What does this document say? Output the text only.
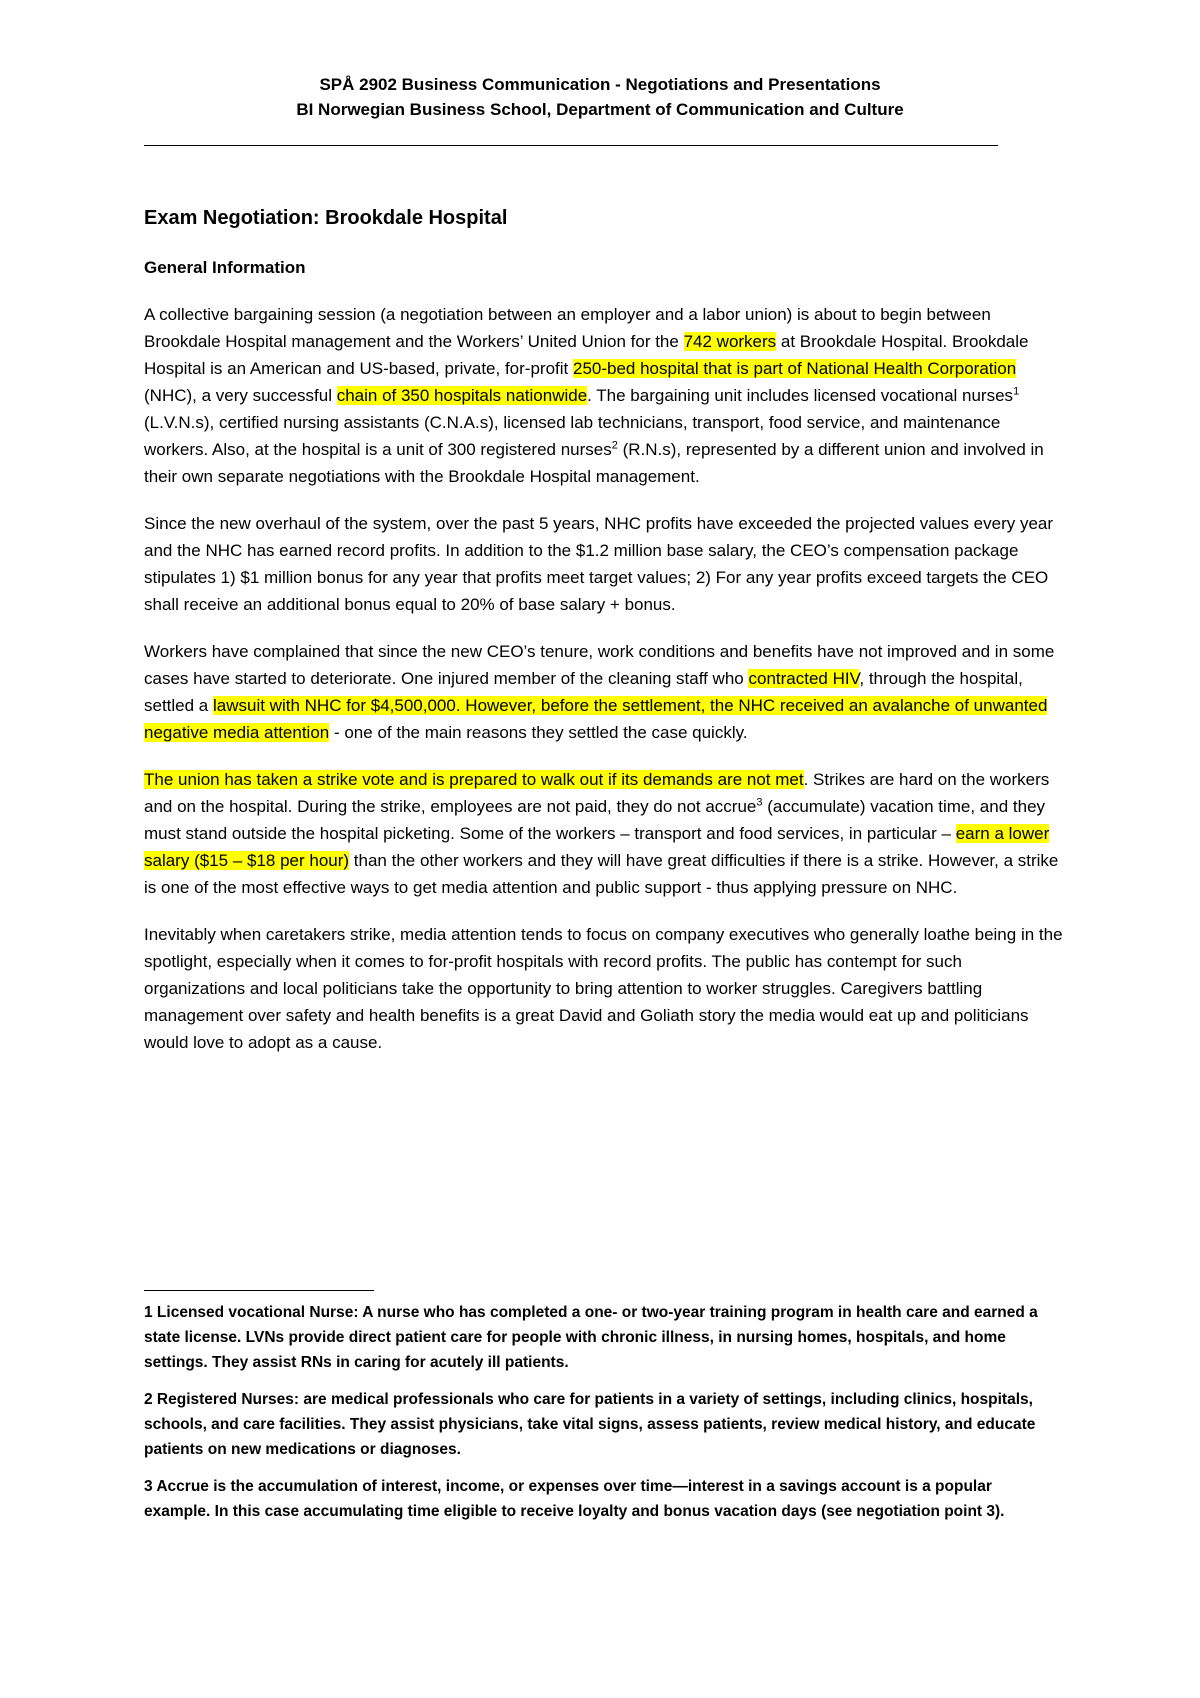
SPÅ 2902 Business Communication - Negotiations and Presentations
BI Norwegian Business School, Department of Communication and Culture
Exam Negotiation: Brookdale Hospital
General Information

A collective bargaining session (a negotiation between an employer and a labor union) is about to begin between Brookdale Hospital management and the Workers’ United Union for the 742 workers at Brookdale Hospital. Brookdale Hospital is an American and US-based, private, for-profit 250-bed hospital that is part of National Health Corporation (NHC), a very successful chain of 350 hospitals nationwide. The bargaining unit includes licensed vocational nurses$^1$ (L.V.N.s), certified nursing assistants (C.N.A.s), licensed lab technicians, transport, food service, and maintenance workers. Also, at the hospital is a unit of 300 registered nurses$^2$ (R.N.s), represented by a different union and involved in their own separate negotiations with the Brookdale Hospital management.

Since the new overhaul of the system, over the past 5 years, NHC profits have exceeded the projected values every year and the NHC has earned record profits. In addition to the $1.2 million base salary, the CEO’s compensation package stipulates 1) $1 million bonus for any year that profits meet target values; 2) For any year profits exceed targets the CEO shall receive an additional bonus equal to 20% of base salary + bonus.

Workers have complained that since the new CEO’s tenure, work conditions and benefits have not improved and in some cases have started to deteriorate. One injured member of the cleaning staff who contracted HIV, through the hospital, settled a lawsuit with NHC for $4,500,000. However, before the settlement, the NHC received an avalanche of unwanted negative media attention - one of the main reasons they settled the case quickly.

The union has taken a strike vote and is prepared to walk out if its demands are not met. Strikes are hard on the workers and on the hospital. During the strike, employees are not paid, they do not accrue$^3$ (accumulate) vacation time, and they must stand outside the hospital picketing. Some of the workers – transport and food services, in particular – earn a lower salary ($15 – $18 per hour) than the other workers and they will have great difficulties if there is a strike. However, a strike is one of the most effective ways to get media attention and public support - thus applying pressure on NHC.

Inevitably when caretakers strike, media attention tends to focus on company executives who generally loathe being in the spotlight, especially when it comes to for-profit hospitals with record profits. The public has contempt for such organizations and local politicians take the opportunity to bring attention to worker struggles. Caregivers battling management over safety and health benefits is a great David and Goliath story the media would eat up and politicians would love to adopt as a cause.

1 Licensed vocational Nurse: A nurse who has completed a one- or two-year training program in health care and earned a state license. LVNs provide direct patient care for people with chronic illness, in nursing homes, hospitals, and home settings. They assist RNs in caring for acutely ill patients.

2 Registered Nurses: are medical professionals who care for patients in a variety of settings, including clinics, hospitals, schools, and care facilities. They assist physicians, take vital signs, assess patients, review medical history, and educate patients on new medications or diagnoses.

3 Accrue is the accumulation of interest, income, or expenses over time—interest in a savings account is a popular example. In this case accumulating time eligible to receive loyalty and bonus vacation days (see negotiation point 3).
